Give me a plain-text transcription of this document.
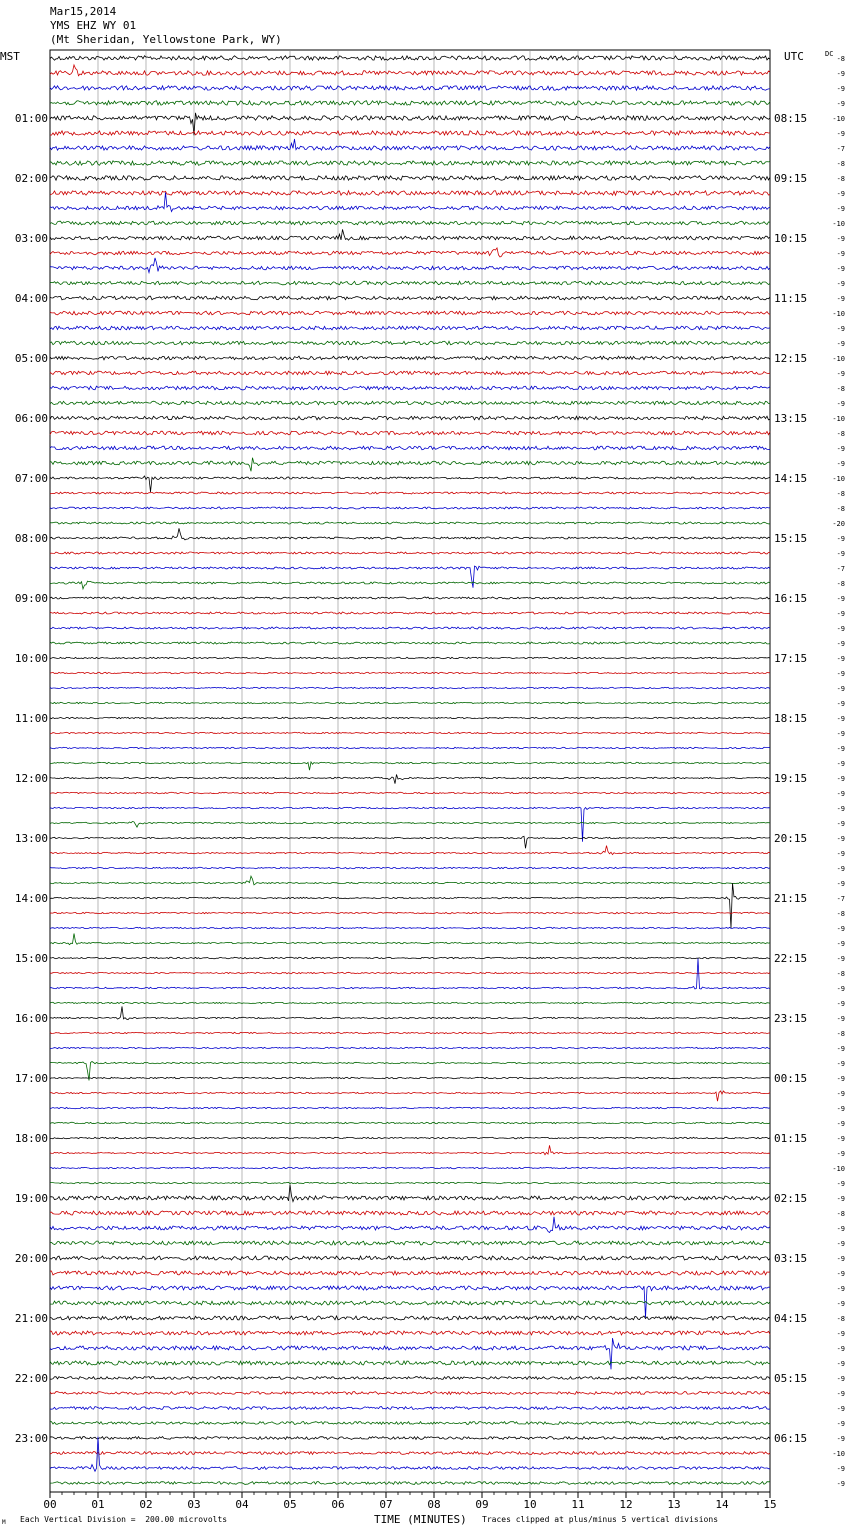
-8
-9
-9
-9
-10
-9
-7
-8
-8
-9
-9
-10
-9
-9
-9
-9
-9
-10
-9
-9
-10
-9
-8
-9
-10
-8
-9
-9
-10
-8
-8
-20
-9
-9
-7
-8
-9
-9
-9
-9
-9
-9
-9
-9
-9
-9
-9
-9
-9
-9
-9
-9
-9
-9
-9
-9
-7
-8
-9
-9
-9
-8
-9
-9
-9
-8
-9
-9
-9
-9
-9
-9
-9
-9
-10
-9
-9
-8
-9
-9
-9
-9
-9
-9
-8
-9
-9
-9
-9
-9
-9
-9
-9
-10
-9
-9
MST	UTC	DC
01:00
02:00
03:00
04:00
05:00
06:00
07:00
08:00
09:00
10:00
11:00
12:00
13:00
14:00
15:00
16:00
17:00
18:00
19:00
20:00
21:00
22:00
23:00
08:15
09:15
10:15
11:15
12:15
13:15
14:15
15:15
16:15
17:15
18:15
19:15
20:15
21:15
22:15
23:15
00:15
01:15
02:15
03:15
04:15
05:15
06:15
00	01	02	03	04	05	06	07	08	09	10	11	12	13	14	15
Mar15,2014
YMS EHZ WY 01
(Mt Sheridan, Yellowstone Park, WY)
Each Vertical Division =  200.00 microvolts	TIME (MINUTES) Traces clipped at plus/minus 5 vertical divisions
M
